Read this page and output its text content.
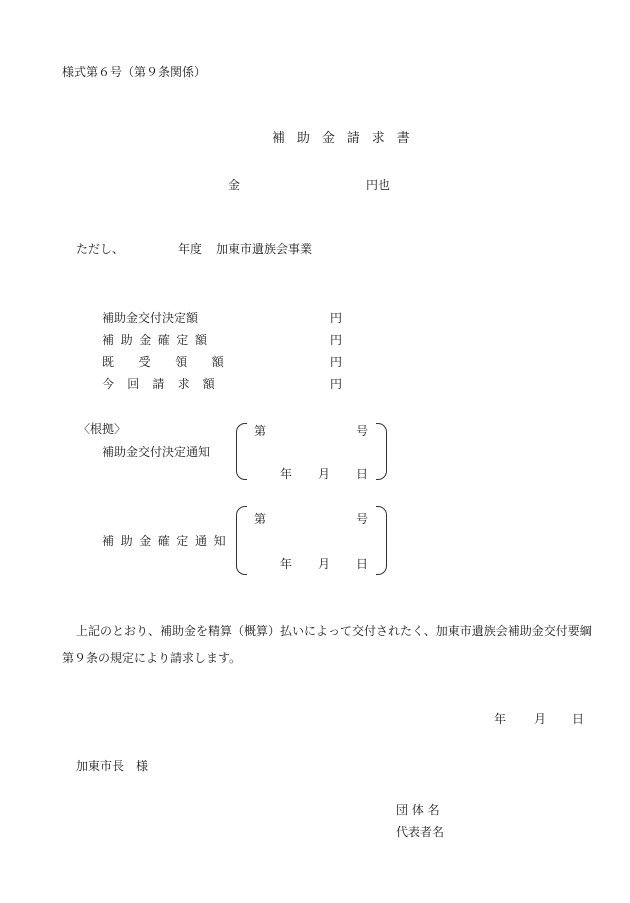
様式第６号（第９条関係）
補 助 金 請 求 書
金	円也
ただし、	年度 加東市遺族会事業
補助金交付決定額	円
補助金確定額	円
既受領額	円
今回請求額	円
〈根拠〉
補助金交付決定通知
第	号
年 月 日
補助金確定通知
第	号
年 月 日
上記のとおり、補助金を精算（概算）払いによって交付されたく、加東市遺族会補助金交付要綱第９条の規定により請求します。
年 月 日
加東市長　様
団 体 名
代表者名
